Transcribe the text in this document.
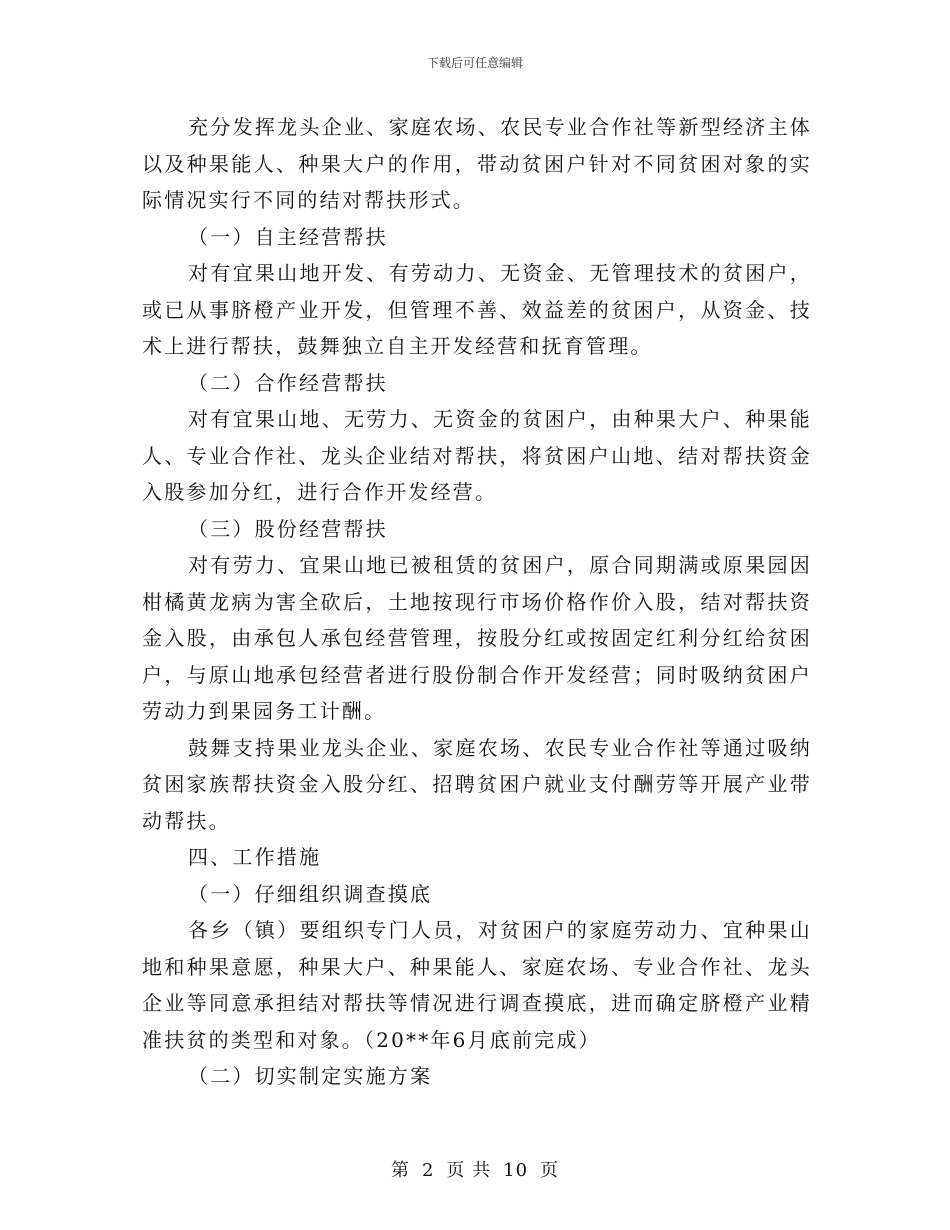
下载后可任意编辑

充分发挥龙头企业、家庭农场、农民专业合作社等新型经济主体以及种果能人、种果大户的作用，带动贫困户针对不同贫困对象的实际情况实行不同的结对帮扶形式。

（一）自主经营帮扶

对有宜果山地开发、有劳动力、无资金、无管理技术的贫困户，或已从事脐橙产业开发，但管理不善、效益差的贫困户，从资金、技术上进行帮扶，鼓舞独立自主开发经营和抚育管理。

（二）合作经营帮扶

对有宜果山地、无劳力、无资金的贫困户，由种果大户、种果能人、专业合作社、龙头企业结对帮扶，将贫困户山地、结对帮扶资金入股参加分红，进行合作开发经营。

（三）股份经营帮扶

对有劳力、宜果山地已被租赁的贫困户，原合同期满或原果园因柑橘黄龙病为害全砍后，土地按现行市场价格作价入股，结对帮扶资金入股，由承包人承包经营管理，按股分红或按固定红利分红给贫困户，与原山地承包经营者进行股份制合作开发经营；同时吸纳贫困户劳动力到果园务工计酬。

鼓舞支持果业龙头企业、家庭农场、农民专业合作社等通过吸纳贫困家族帮扶资金入股分红、招聘贫困户就业支付酬劳等开展产业带动帮扶。

四、工作措施

（一）仔细组织调查摸底

各乡（镇）要组织专门人员，对贫困户的家庭劳动力、宜种果山地和种果意愿，种果大户、种果能人、家庭农场、专业合作社、龙头企业等同意承担结对帮扶等情况进行调查摸底，进而确定脐橙产业精准扶贫的类型和对象。（20**年6月底前完成）

（二）切实制定实施方案

第 2 页 共 10 页
